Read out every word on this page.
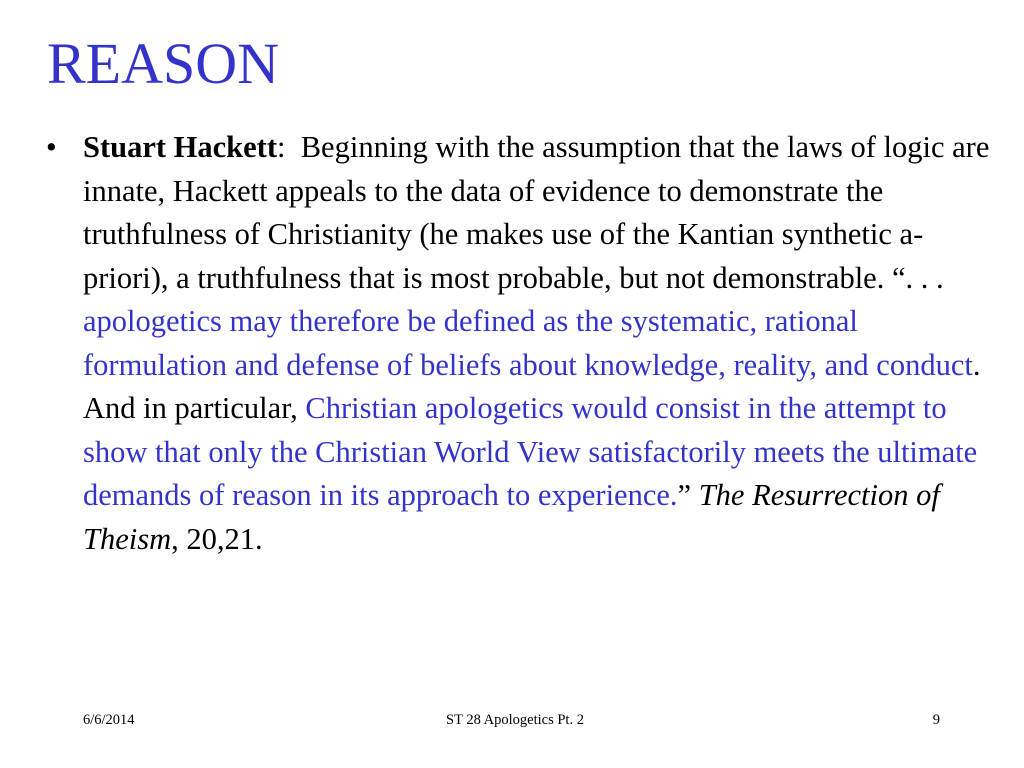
REASON
• Stuart Hackett: Beginning with the assumption that the laws of logic are innate, Hackett appeals to the data of evidence to demonstrate the truthfulness of Christianity (he makes use of the Kantian synthetic a-priori), a truthfulness that is most probable, but not demonstrable. “. . . apologetics may therefore be defined as the systematic, rational formulation and defense of beliefs about knowledge, reality, and conduct. And in particular, Christian apologetics would consist in the attempt to show that only the Christian World View satisfactorily meets the ultimate demands of reason in its approach to experience.” The Resurrection of Theism, 20,21.
6/6/2014	ST 28 Apologetics Pt. 2	9
